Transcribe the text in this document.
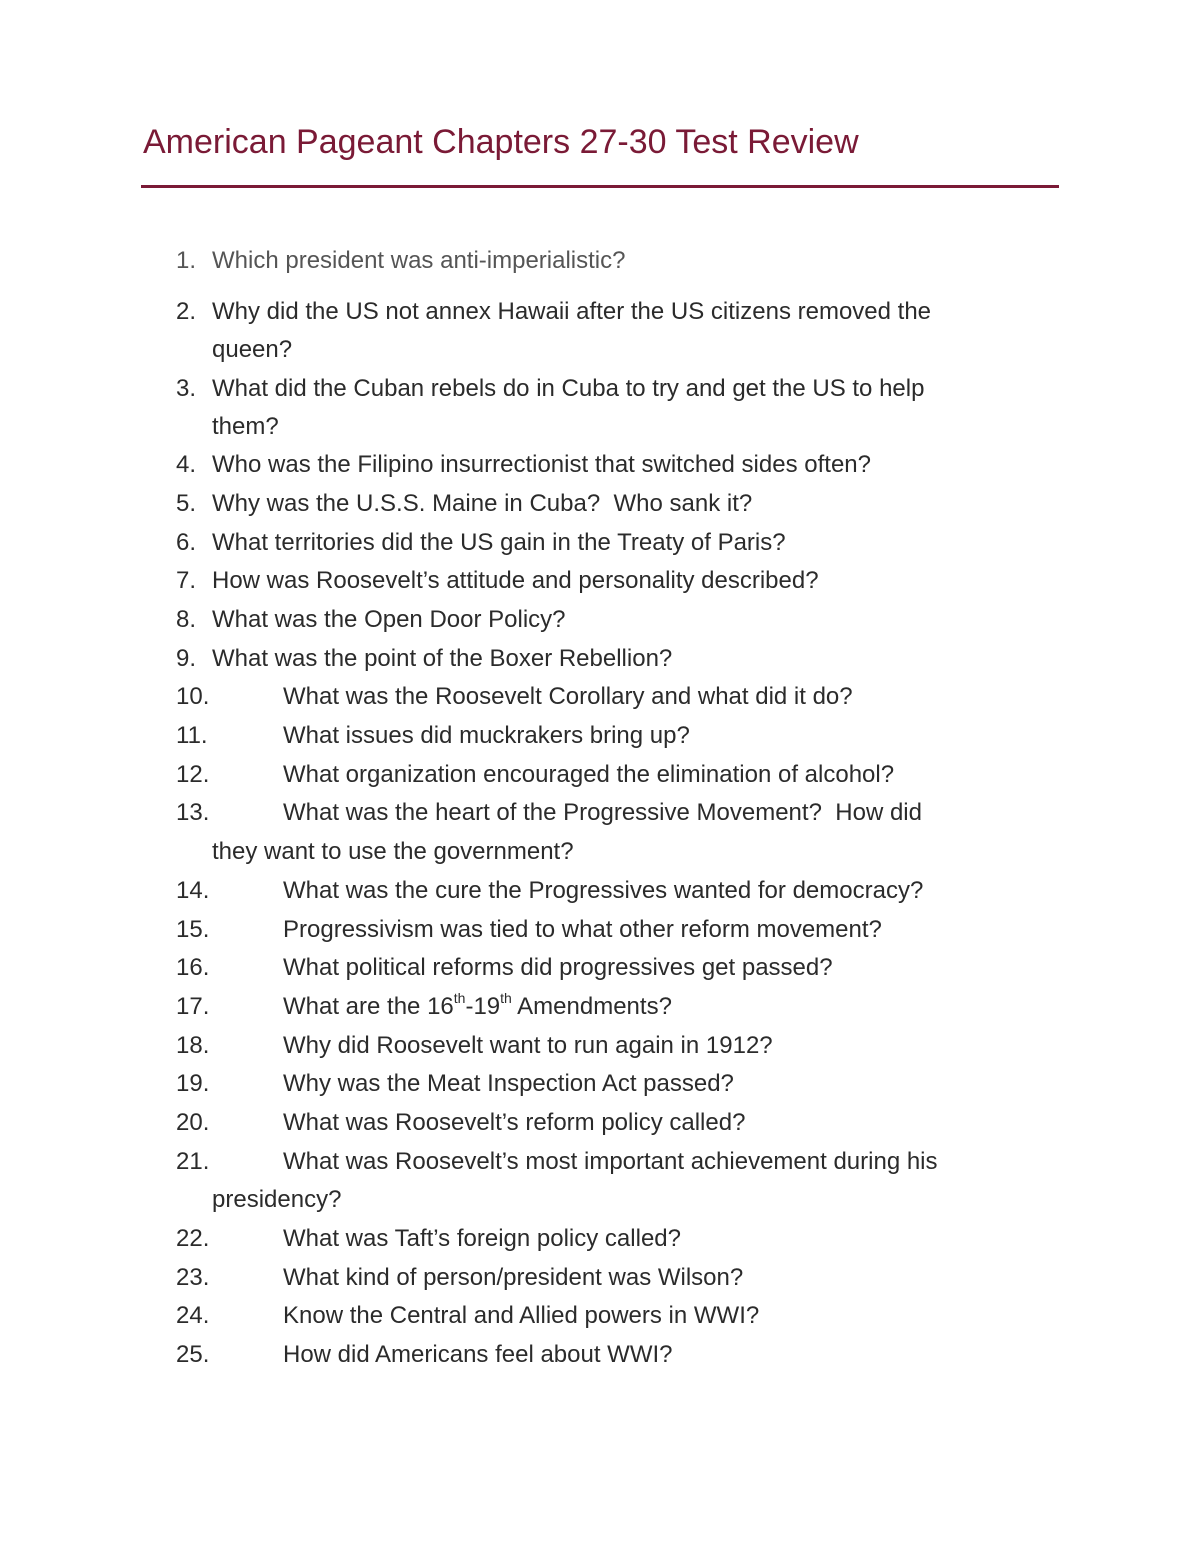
American Pageant Chapters 27-30 Test Review
1. Which president was anti-imperialistic?
2. Why did the US not annex Hawaii after the US citizens removed the
queen?
3. What did the Cuban rebels do in Cuba to try and get the US to help
them?
4. Who was the Filipino insurrectionist that switched sides often?
5. Why was the U.S.S. Maine in Cuba?  Who sank it?
6. What territories did the US gain in the Treaty of Paris?
7. How was Roosevelt’s attitude and personality described?
8. What was the Open Door Policy?
9. What was the point of the Boxer Rebellion?
10.	What was the Roosevelt Corollary and what did it do?
11.	What issues did muckrakers bring up?
12.	What organization encouraged the elimination of alcohol?
13.	What was the heart of the Progressive Movement?  How did
they want to use the government?
14.	What was the cure the Progressives wanted for democracy?
15.	Progressivism was tied to what other reform movement?
16.	What political reforms did progressives get passed?
17.	What are the 16th-19th Amendments?
18.	Why did Roosevelt want to run again in 1912?
19.	Why was the Meat Inspection Act passed?
20.	What was Roosevelt’s reform policy called?
21.	What was Roosevelt’s most important achievement during his
presidency?
22.	What was Taft’s foreign policy called?
23.	What kind of person/president was Wilson?
24.	Know the Central and Allied powers in WWI?
25.	How did Americans feel about WWI?
